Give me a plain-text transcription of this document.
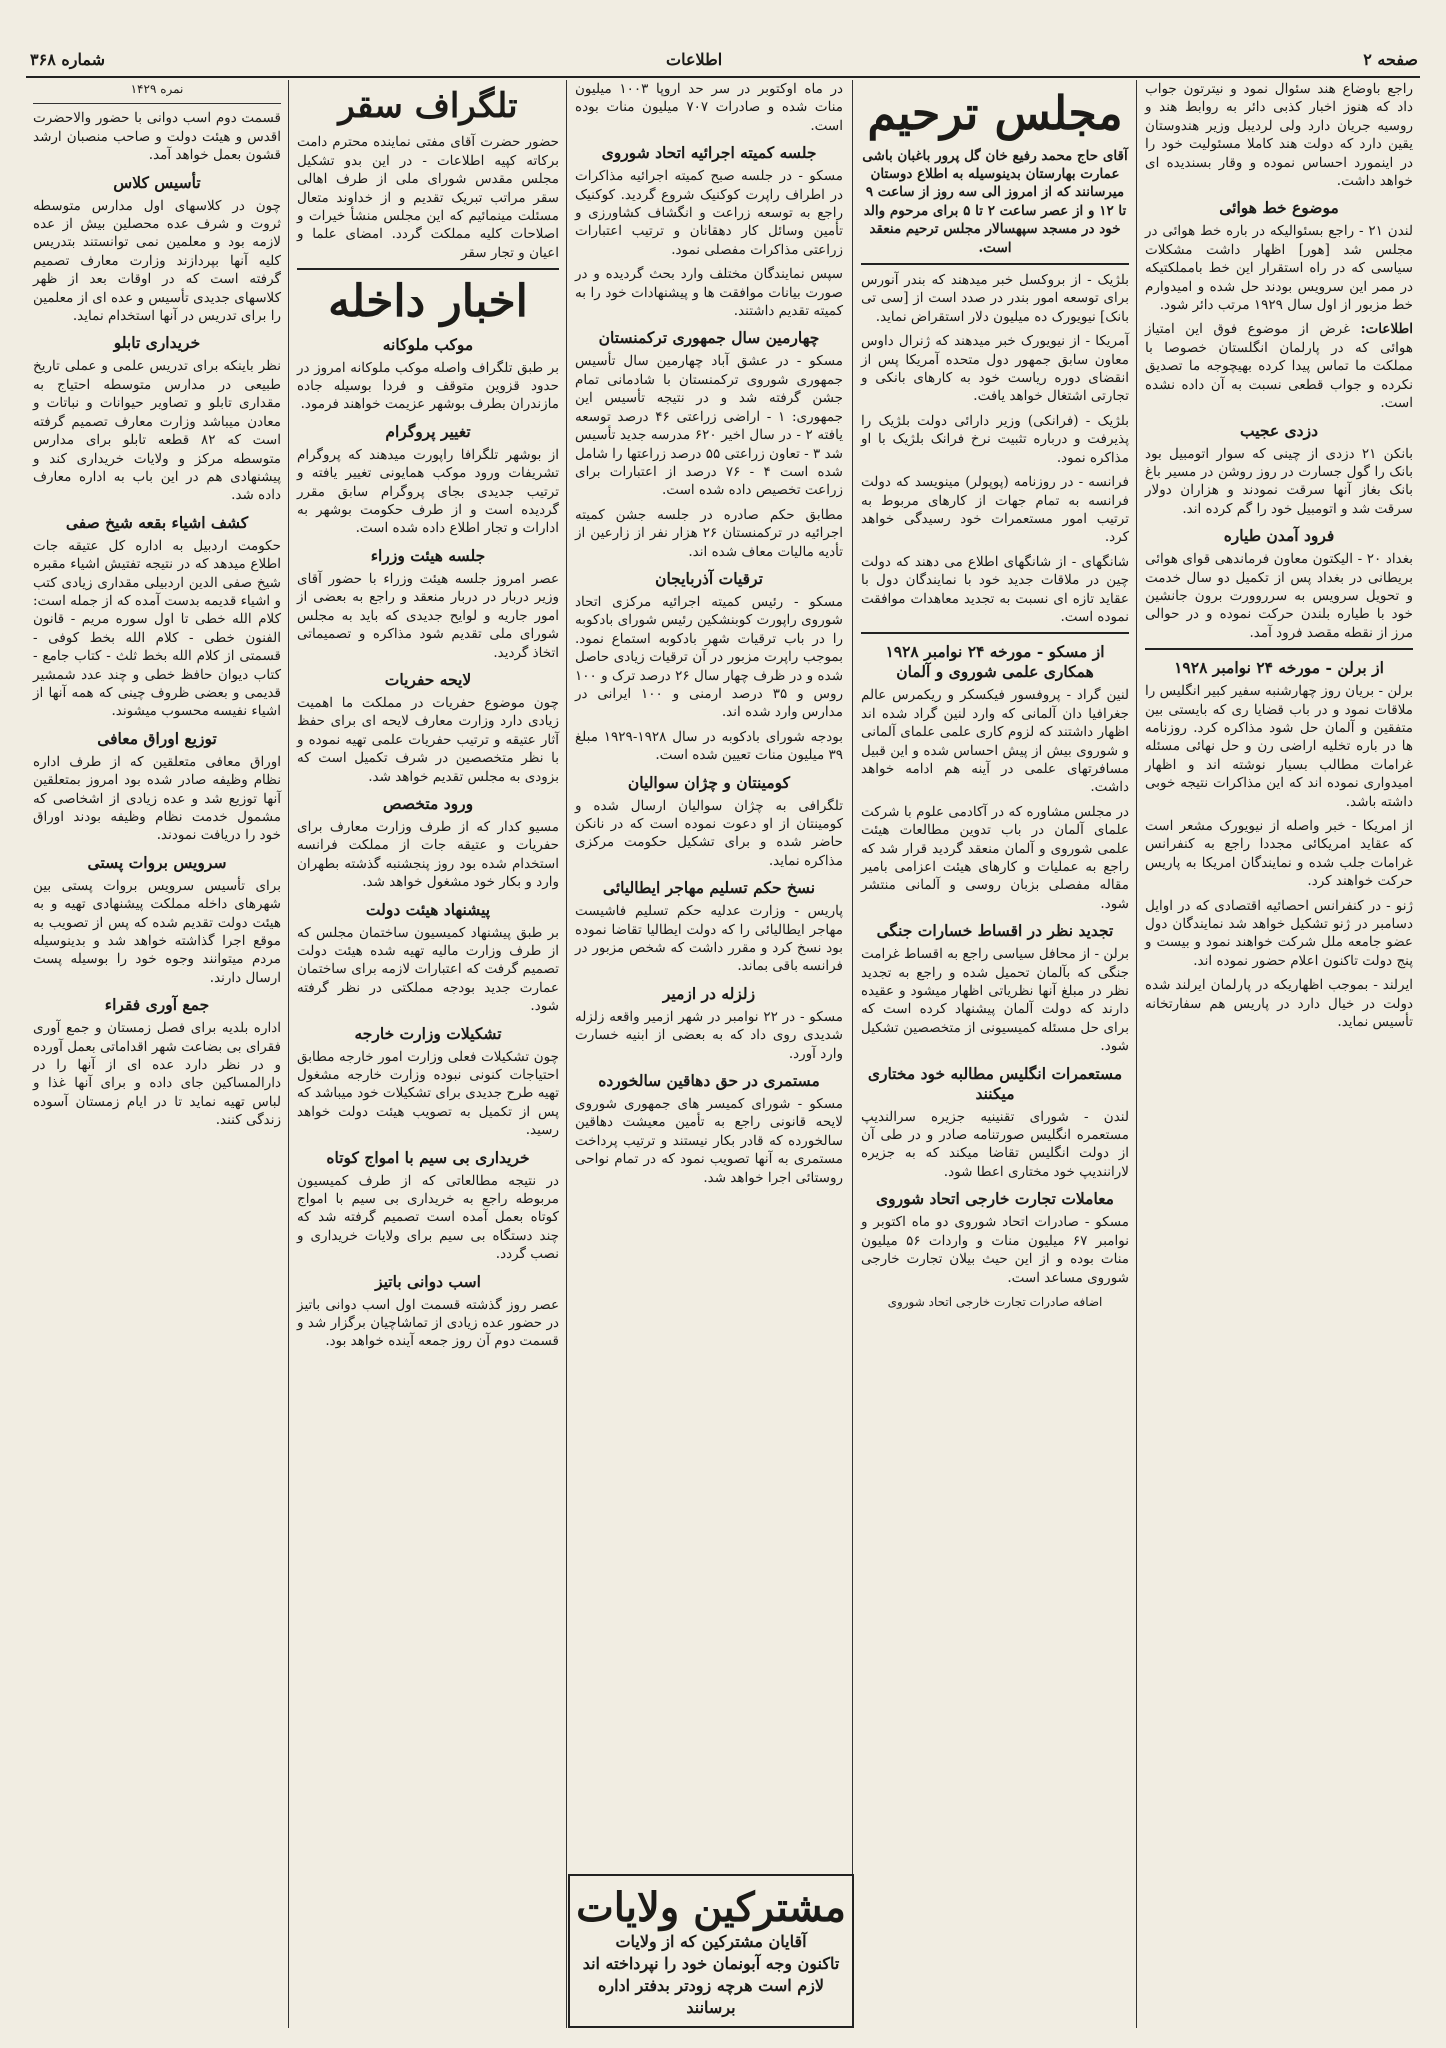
صفحه ۲
اطلاعات
شماره ۳۶۸

راجع باوضاع هند سئوال نمود و نیترتون جواب داد که هنوز اخبار کذبی دائر به روابط هند و روسیه جریان دارد ولی لردیبل وزیر هندوستان یقین دارد که دولت هند کاملا مسئولیت خود را در اینمورد احساس نموده و وقار بسندیده ای خواهد داشت.

موضوع خط هوائی

لندن ۲۱ - راجع بسئوالیکه در باره خط هوائی در مجلس شد [هور] اظهار داشت مشکلات سیاسی که در راه استقرار این خط بامملکتیکه در ممر این سرویس بودند حل شده و امیدوارم خط مزبور از اول سال ۱۹۲۹ مرتب دائر شود.

اطلاعات: غرض از موضوع فوق این امتیاز هوائی که در پارلمان انگلستان خصوصا با مملکت ما تماس پیدا کرده بهیچوجه ما تصدیق نکرده و جواب قطعی نسبت به آن داده نشده است.

دزدی عجیب

بانکن ۲۱ دزدی از چینی که سوار اتومبیل بود بانک را گول جسارت در روز روشن در مسیر باغ بانک بغاز آنها سرقت نمودند و هزاران دولار سرقت شد و اتومبیل خود را گم کرده اند.

فرود آمدن طیاره

بغداد ۲۰ - الیکتون معاون فرماندهی قوای هوائی بریطانی در بغداد پس از تکمیل دو سال خدمت و تحویل سرویس به سرروورت برون جانشین خود با طیاره بلندن حرکت نموده و در حوالی مرز از نقطه مقصد فرود آمد.

از برلن - مورخه ۲۴ نوامبر ۱۹۲۸

برلن - بریان روز چهارشنبه سفیر کبیر انگلیس را ملاقات نمود و در باب قضایا ری که بایستی بین متفقین و آلمان حل شود مذاکره کرد. روزنامه ها در باره تخلیه اراضی رن و حل نهائی مسئله غرامات مطالب بسیار نوشته اند و اظهار امیدواری نموده اند که این مذاکرات نتیجه خوبی داشته باشد.

از امریکا - خبر واصله از نیویورک مشعر است که عقاید امریکائی مجددا راجع به کنفرانس غرامات جلب شده و نمایندگان امریکا به پاریس حرکت خواهند کرد.

ژنو - در کنفرانس احصائیه اقتصادی که در اوایل دسامبر در ژنو تشکیل خواهد شد نمایندگان دول عضو جامعه ملل شرکت خواهند نمود و بیست و پنج دولت تاکنون اعلام حضور نموده اند.

ایرلند - بموجب اظهاریکه در پارلمان ایرلند شده دولت در خیال دارد در پاریس هم سفارتخانه تأسیس نماید.

مجلس ترحیم

آقای حاج محمد رفیع خان گل پرور باغبان باشی عمارت بهارستان بدینوسیله به اطلاع دوستان میرسانند که از امروز الی سه روز از ساعت ۹ تا ۱۲ و از عصر ساعت ۲ تا ۵ برای مرحوم والد خود در مسجد سپهسالار مجلس ترحیم منعقد است.

بلژیک - از بروکسل خبر میدهند که بندر آنورس برای توسعه امور بندر در صدد است از [سی تی بانک] نیویورک ده میلیون دلار استقراض نماید.

آمریکا - از نیویورک خبر میدهند که ژنرال داوس معاون سابق جمهور دول متحده آمریکا پس از انقضای دوره ریاست خود به کارهای بانکی و تجارتی اشتغال خواهد یافت.

بلژیک - (فرانکی) وزیر دارائی دولت بلژیک را پذیرفت و درباره تثبیت نرخ فرانک بلژیک با او مذاکره نمود.

فرانسه - در روزنامه (پوپولر) مینویسد که دولت فرانسه به تمام جهات از کارهای مربوط به ترتیب امور مستعمرات خود رسیدگی خواهد کرد.

شانگهای - از شانگهای اطلاع می دهند که دولت چین در ملاقات جدید خود با نمایندگان دول با عقاید تازه ای نسبت به تجدید معاهدات موافقت نموده است.

از مسکو - مورخه ۲۴ نوامبر ۱۹۲۸ همکاری علمی شوروی و آلمان

لنین گراد - پروفسور فیکسکر و ریکمرس عالم جغرافیا دان آلمانی که وارد لنین گراد شده اند اظهار داشتند که لزوم کاری علمی علمای آلمانی و شوروی بیش از پیش احساس شده و این قبیل مسافرتهای علمی در آینه هم ادامه خواهد داشت.

در مجلس مشاوره که در آکادمی علوم با شرکت علمای آلمان در باب تدوین مطالعات هیئت علمی شوروی و آلمان منعقد گردید قرار شد که راجع به عملیات و کارهای هیئت اعزامی بامیر مقاله مفصلی بزبان روسی و آلمانی منتشر شود.

تجدید نظر در اقساط خسارات جنگی

برلن - از محافل سیاسی راجع به اقساط غرامت جنگی که بآلمان تحمیل شده و راجع به تجدید نظر در مبلغ آنها نظریاتی اظهار میشود و عقیده دارند که دولت آلمان پیشنهاد کرده است که برای حل مسئله کمیسیونی از متخصصین تشکیل شود.

مستعمرات انگلیس مطالبه خود مختاری میکنند

لندن - شورای تقنینیه جزیره سرالندیپ مستعمره انگلیس صورتنامه صادر و در طی آن از دولت انگلیس تقاضا میکند که به جزیره لارانندیپ خود مختاری اعطا شود.

معاملات تجارت خارجی اتحاد شوروی

مسکو - صادرات اتحاد شوروی دو ماه اکتوبر و نوامبر ۶۷ میلیون منات و واردات ۵۶ میلیون منات بوده و از این حیث بیلان تجارت خارجی شوروی مساعد است.

اضافه صادرات تجارت خارجی اتحاد شوروی

در ماه اوکتوبر در سر حد اروپا ۱۰۰۳ میلیون منات شده و صادرات ۷۰۷ میلیون منات بوده است.

جلسه کمیته اجرائیه اتحاد شوروی

مسکو - در جلسه صبح کمیته اجرائیه مذاکرات در اطراف راپرت کوکنیک شروع گردید. کوکنیک راجع به توسعه زراعت و انگشاف کشاورزی و تأمین وسائل کار دهقانان و ترتیب اعتبارات زراعتی مذاکرات مفصلی نمود.

سپس نمایندگان مختلف وارد بحث گردیده و در صورت بیانات موافقت ها و پیشنهادات خود را به کمیته تقدیم داشتند.

چهارمین سال جمهوری ترکمنستان

مسکو - در عشق آباد چهارمین سال تأسیس جمهوری شوروی ترکمنستان با شادمانی تمام جشن گرفته شد و در نتیجه تأسیس این جمهوری: ۱ - اراضی زراعتی ۴۶ درصد توسعه یافته ۲ - در سال اخیر ۶۲۰ مدرسه جدید تأسیس شد ۳ - تعاون زراعتی ۵۵ درصد زراعتها را شامل شده است ۴ - ۷۶ درصد از اعتبارات برای زراعت تخصیص داده شده است.

مطابق حکم صادره در جلسه جشن کمیته اجرائیه در ترکمنستان ۲۶ هزار نفر از زارعین از تأدیه مالیات معاف شده اند.

ترقیات آذربایجان

مسکو - رئیس کمیته اجرائیه مرکزی اتحاد شوروی راپورت کوبنشکین رئیس شورای بادکوبه را در باب ترقیات شهر بادکوبه استماع نمود. بموجب راپرت مزبور در آن ترقیات زیادی حاصل شده و در ظرف چهار سال ۲۶ درصد ترک و ۱۰۰ روس و ۳۵ درصد ارمنی و ۱۰۰ ایرانی در مدارس وارد شده اند.

بودجه شورای بادکوبه در سال ۱۹۲۸-۱۹۲۹ مبلغ ۳۹ میلیون منات تعیین شده است.

کومینتان و چژان سوالیان

تلگرافی به چژان سوالیان ارسال شده و کومینتان از او دعوت نموده است که در نانکن حاضر شده و برای تشکیل حکومت مرکزی مذاکره نماید.

نسخ حکم تسلیم مهاجر ایطالیائی

پاریس - وزارت عدلیه حکم تسلیم فاشیست مهاجر ایطالیائی را که دولت ایطالیا تقاضا نموده بود نسخ کرد و مقرر داشت که شخص مزبور در فرانسه باقی بماند.

زلزله در ازمیر

مسکو - در ۲۲ نوامبر در شهر ازمیر واقعه زلزله شدیدی روی داد که به بعضی از ابنیه خسارت وارد آورد.

مستمری در حق دهاقین سالخورده

مسکو - شورای کمیسر های جمهوری شوروی لایحه قانونی راجع به تأمین معیشت دهاقین سالخورده که قادر بکار نیستند و ترتیب پرداخت مستمری به آنها تصویب نمود که در تمام نواحی روستائی اجرا خواهد شد.

مشترکین ولایات
آقایان مشترکین که از ولایات
تاکنون وجه آبونمان خود را نپرداخته اند
لازم است هرچه زودتر بدفتر اداره برسانند
تلگراف سقر

حضور حضرت آقای مفتی نماینده محترم دامت برکاته کپیه اطلاعات - در این بدو تشکیل مجلس مقدس شورای ملی از طرف اهالی سقر مراتب تبریک تقدیم و از خداوند متعال مسئلت مینمائیم که این مجلس منشأ خیرات و اصلاحات کلیه مملکت گردد. امضای علما و اعیان و تجار سقر

اخبار داخله
موکب ملوکانه

بر طبق تلگراف واصله موکب ملوکانه امروز در حدود قزوین متوقف و فردا بوسیله جاده مازندران بطرف بوشهر عزیمت خواهند فرمود.

تغییر پروگرام

از بوشهر تلگرافا راپورت میدهند که پروگرام تشریفات ورود موکب همایونی تغییر یافته و ترتیب جدیدی بجای پروگرام سابق مقرر گردیده است و از طرف حکومت بوشهر به ادارات و تجار اطلاع داده شده است.

جلسه هیئت وزراء

عصر امروز جلسه هیئت وزراء با حضور آقای وزیر دربار در دربار منعقد و راجع به بعضی از امور جاریه و لوایح جدیدی که باید به مجلس شورای ملی تقدیم شود مذاکره و تصمیماتی اتخاذ گردید.

لایحه حفریات

چون موضوع حفریات در مملکت ما اهمیت زیادی دارد وزارت معارف لایحه ای برای حفظ آثار عتیقه و ترتیب حفریات علمی تهیه نموده و با نظر متخصصین در شرف تکمیل است که بزودی به مجلس تقدیم خواهد شد.

ورود متخصص

مسیو کدار که از طرف وزارت معارف برای حفریات و عتیقه جات از مملکت فرانسه استخدام شده بود روز پنجشنبه گذشته بطهران وارد و بکار خود مشغول خواهد شد.

پیشنهاد هیئت دولت

بر طبق پیشنهاد کمیسیون ساختمان مجلس که از طرف وزارت مالیه تهیه شده هیئت دولت تصمیم گرفت که اعتبارات لازمه برای ساختمان عمارت جدید بودجه مملکتی در نظر گرفته شود.

تشکیلات وزارت خارجه

چون تشکیلات فعلی وزارت امور خارجه مطابق احتیاجات کنونی نبوده وزارت خارجه مشغول تهیه طرح جدیدی برای تشکیلات خود میباشد که پس از تکمیل به تصویب هیئت دولت خواهد رسید.

خریداری بی سیم با امواج کوتاه

در نتیجه مطالعاتی که از طرف کمیسیون مربوطه راجع به خریداری بی سیم با امواج کوتاه بعمل آمده است تصمیم گرفته شد که چند دستگاه بی سیم برای ولایات خریداری و نصب گردد.

اسب دوانی باتیز

عصر روز گذشته قسمت اول اسب دوانی باتیز در حضور عده زیادی از تماشاچیان برگزار شد و قسمت دوم آن روز جمعه آینده خواهد بود.

نمره ۱۴۲۹

قسمت دوم اسب دوانی با حضور والاحضرت اقدس و هیئت دولت و صاحب منصبان ارشد قشون بعمل خواهد آمد.

تأسیس کلاس

چون در کلاسهای اول مدارس متوسطه ثروت و شرف عده محصلین بیش از عده لازمه بود و معلمین نمی توانستند بتدریس کلیه آنها بپردازند وزارت معارف تصمیم گرفته است که در اوقات بعد از ظهر کلاسهای جدیدی تأسیس و عده ای از معلمین را برای تدریس در آنها استخدام نماید.

خریداری تابلو

نظر باینکه برای تدریس علمی و عملی تاریخ طبیعی در مدارس متوسطه احتیاج به مقداری تابلو و تصاویر حیوانات و نباتات و معادن میباشد وزارت معارف تصمیم گرفته است که ۸۲ قطعه تابلو برای مدارس متوسطه مرکز و ولایات خریداری کند و پیشنهادی هم در این باب به اداره معارف داده شد.

کشف اشیاء بقعه شیخ صفی

حکومت اردبیل به اداره کل عتیقه جات اطلاع میدهد که در نتیجه تفتیش اشیاء مقبره شیخ صفی الدین اردبیلی مقداری زیادی کتب و اشیاء قدیمه بدست آمده که از جمله است: کلام الله خطی تا اول سوره مریم - قانون الفنون خطی - کلام الله بخط کوفی - قسمتی از کلام الله بخط ثلث - کتاب جامع - کتاب دیوان حافظ خطی و چند عدد شمشیر قدیمی و بعضی ظروف چینی که همه آنها از اشیاء نفیسه محسوب میشوند.

توزیع اوراق معافی

اوراق معافی متعلقین که از طرف اداره نظام وظیفه صادر شده بود امروز بمتعلقین آنها توزیع شد و عده زیادی از اشخاصی که مشمول خدمت نظام وظیفه بودند اوراق خود را دریافت نمودند.

سرویس بروات پستی

برای تأسیس سرویس بروات پستی بین شهرهای داخله مملکت پیشنهادی تهیه و به هیئت دولت تقدیم شده که پس از تصویب به موقع اجرا گذاشته خواهد شد و بدینوسیله مردم میتوانند وجوه خود را بوسیله پست ارسال دارند.

جمع آوری فقراء

اداره بلدیه برای فصل زمستان و جمع آوری فقرای بی بضاعت شهر اقداماتی بعمل آورده و در نظر دارد عده ای از آنها را در دارالمساکین جای داده و برای آنها غذا و لباس تهیه نماید تا در ایام زمستان آسوده زندگی کنند.
